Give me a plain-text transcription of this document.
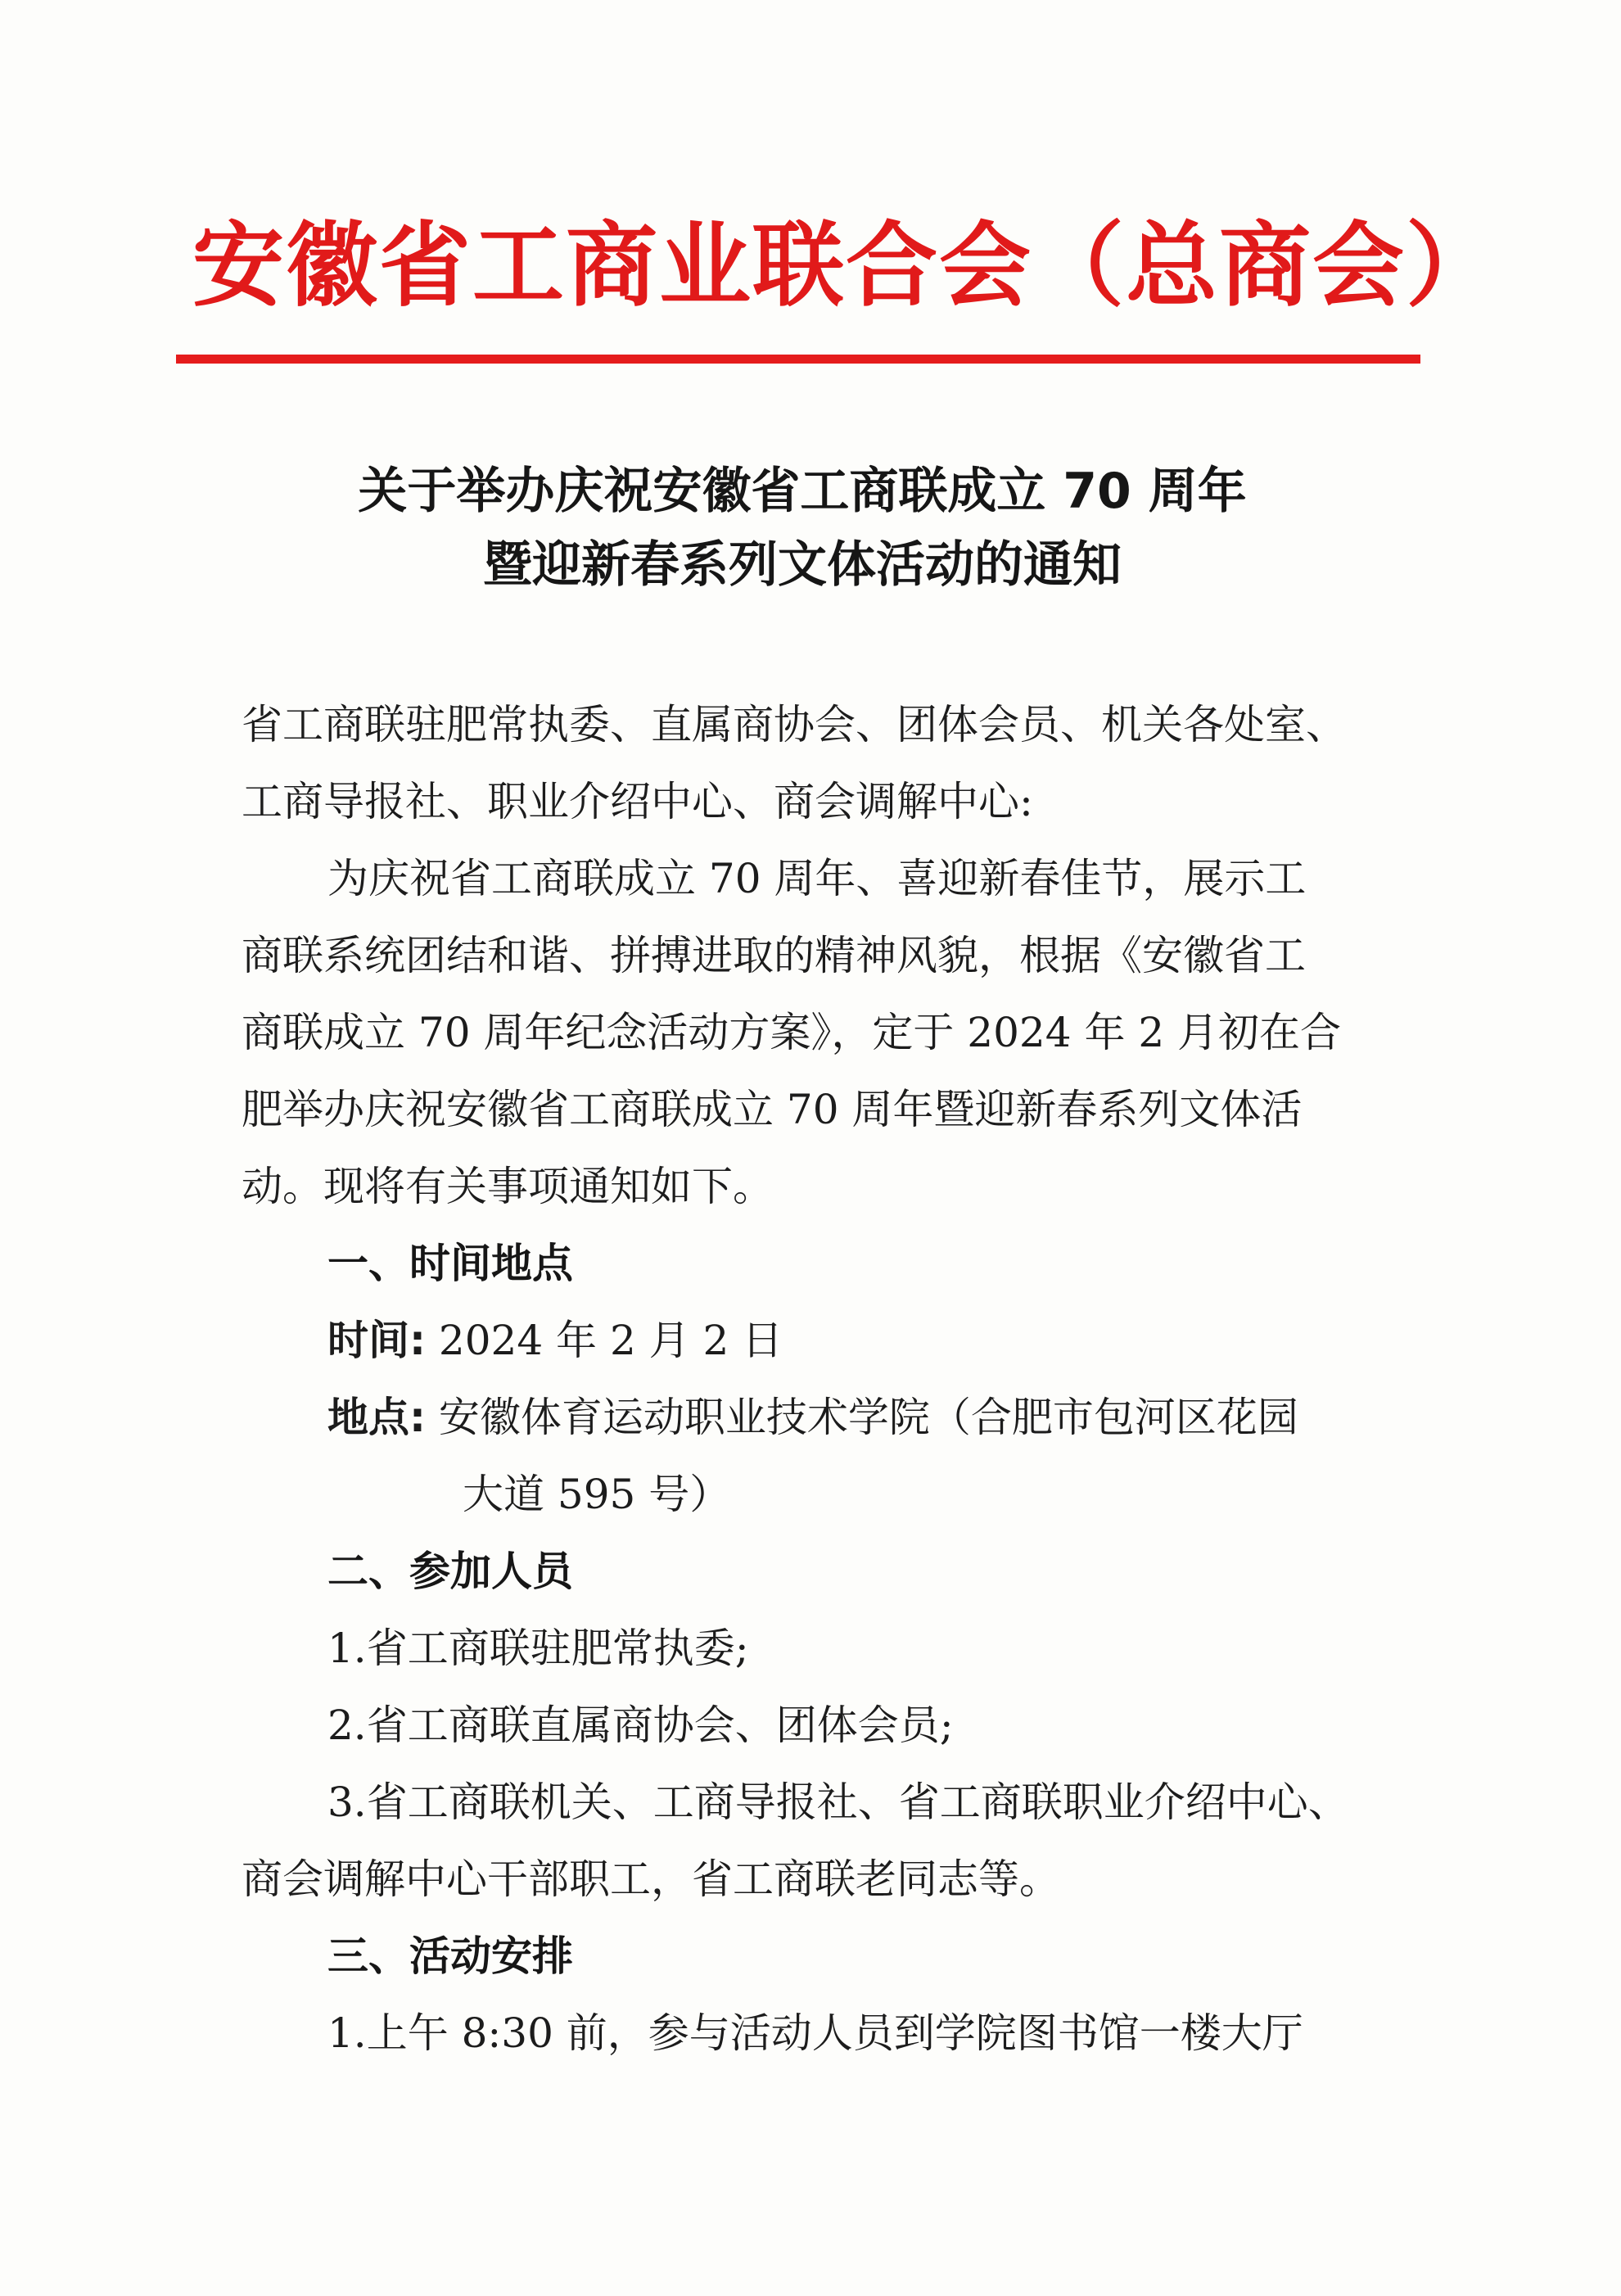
安徽省工商业联合会（总商会）
关于举办庆祝安徽省工商联成立 70 周年
暨迎新春系列文体活动的通知
省工商联驻肥常执委、直属商协会、团体会员、机关各处室、
工商导报社、职业介绍中心、商会调解中心:
为庆祝省工商联成立 70 周年、喜迎新春佳节，展示工
商联系统团结和谐、拼搏进取的精神风貌，根据《安徽省工
商联成立 70 周年纪念活动方案》，定于 2024 年 2 月初在合
肥举办庆祝安徽省工商联成立 70 周年暨迎新春系列文体活
动。现将有关事项通知如下。
一、时间地点
时间: 2024 年 2 月 2 日
地点: 安徽体育运动职业技术学院（合肥市包河区花园
大道 595 号）
二、参加人员
1.省工商联驻肥常执委;
2.省工商联直属商协会、团体会员;
3.省工商联机关、工商导报社、省工商联职业介绍中心、
商会调解中心干部职工，省工商联老同志等。
三、活动安排
1.上午 8:30 前，参与活动人员到学院图书馆一楼大厅
